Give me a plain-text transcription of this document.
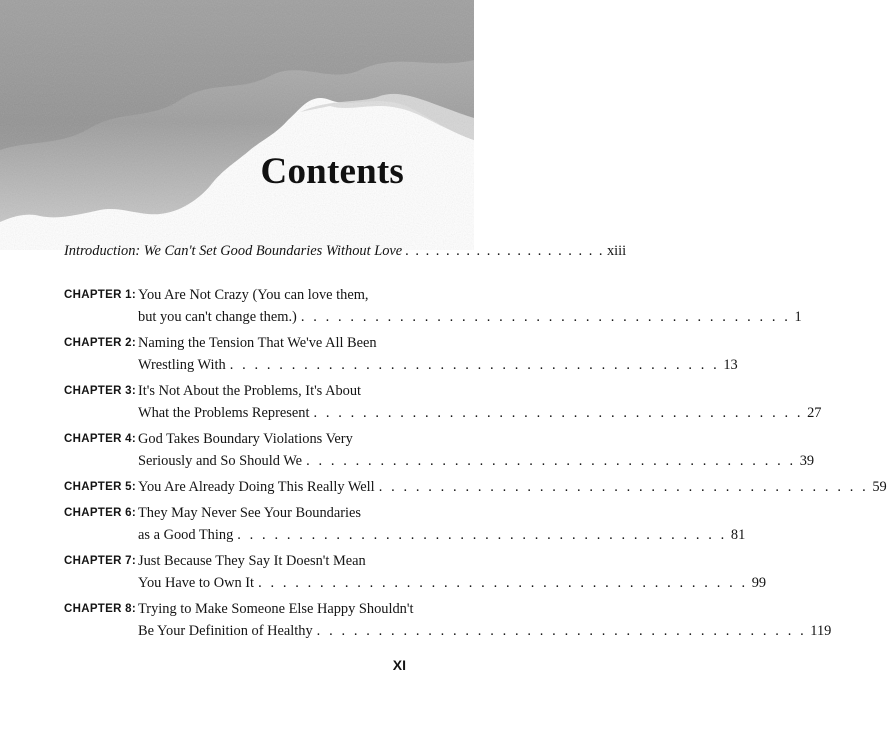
Contents
Introduction: We Can't Set Good Boundaries Without Love . . . . . . . . . . . . . . . . . . . . xiii
CHAPTER 1: You Are Not Crazy (You can love them,
but you can't change them.) . . . . . . . . . . . . . . . . . . . . . . . . . . . . . . . . . . . . . . . . 1
CHAPTER 2: Naming the Tension That We've All Been
Wrestling With . . . . . . . . . . . . . . . . . . . . . . . . . . . . . . . . . . . . . . . . 13
CHAPTER 3: It's Not About the Problems, It's About
What the Problems Represent . . . . . . . . . . . . . . . . . . . . . . . . . . . . . . . . . . . . . . . . 27
CHAPTER 4: God Takes Boundary Violations Very
Seriously and So Should We . . . . . . . . . . . . . . . . . . . . . . . . . . . . . . . . . . . . . . . . 39
CHAPTER 5: You Are Already Doing This Really Well . . . . . . . . . . . . . . . . . . . . . . . . . . . . . . . . . . . . . . . . 59
CHAPTER 6: They May Never See Your Boundaries
as a Good Thing . . . . . . . . . . . . . . . . . . . . . . . . . . . . . . . . . . . . . . . . 81
CHAPTER 7: Just Because They Say It Doesn't Mean
You Have to Own It . . . . . . . . . . . . . . . . . . . . . . . . . . . . . . . . . . . . . . . . 99
CHAPTER 8: Trying to Make Someone Else Happy Shouldn't
Be Your Definition of Healthy . . . . . . . . . . . . . . . . . . . . . . . . . . . . . . . . . . . . . . . . 119
XI
